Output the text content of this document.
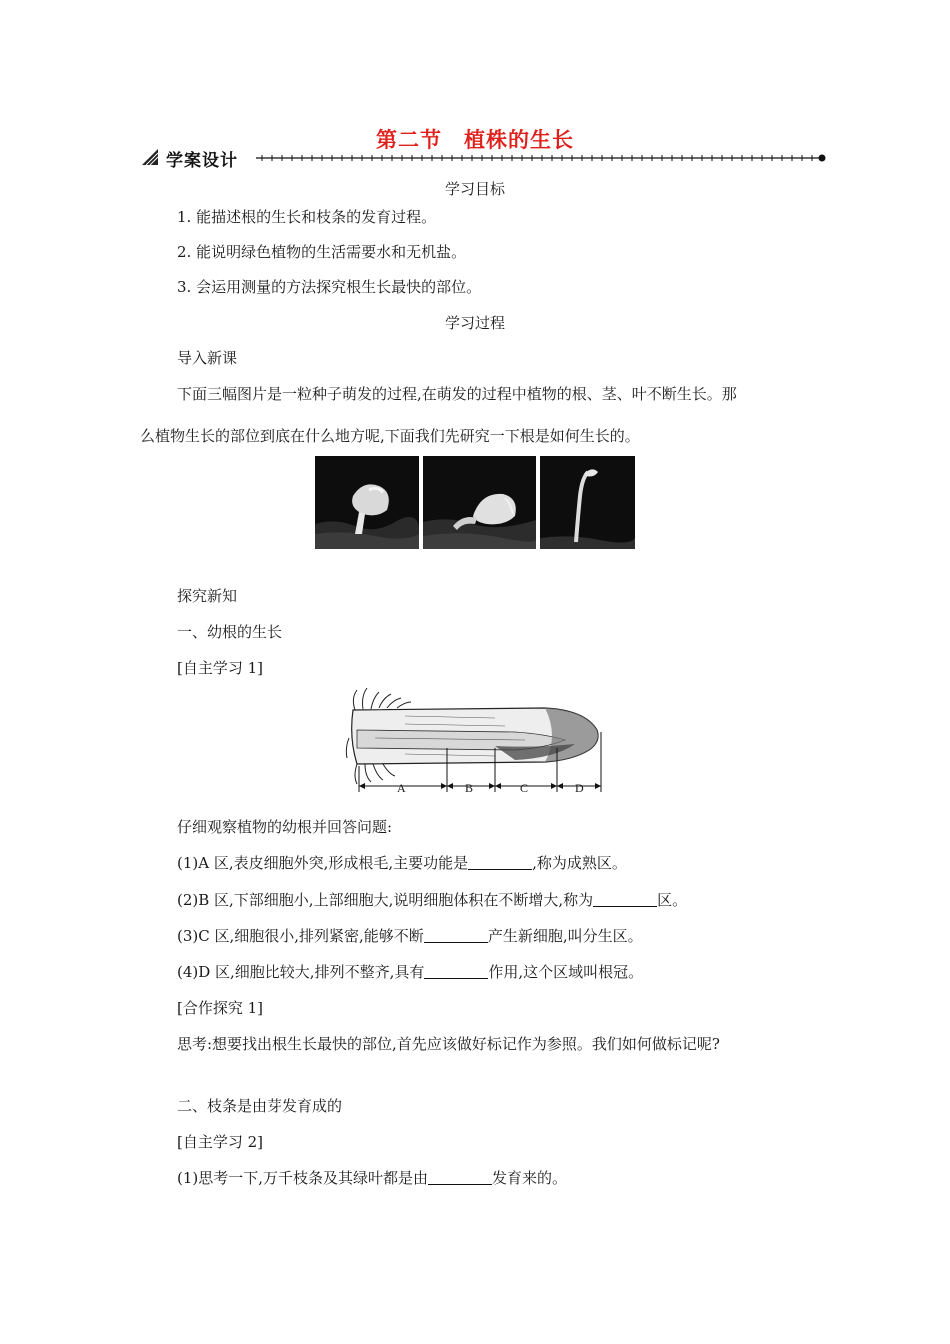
第二节　植株的生长
学案设计
学习目标
1. 能描述根的生长和枝条的发育过程。
2. 能说明绿色植物的生活需要水和无机盐。
3. 会运用测量的方法探究根生长最快的部位。
学习过程
导入新课
下面三幅图片是一粒种子萌发的过程,在萌发的过程中植物的根、茎、叶不断生长。那
么植物生长的部位到底在什么地方呢,下面我们先研究一下根是如何生长的。
探究新知
一、幼根的生长
[自主学习 1]
A	B	C	D
仔细观察植物的幼根并回答问题:
(1)A 区,表皮细胞外突,形成根毛,主要功能是	,称为成熟区。
(2)B 区,下部细胞小,上部细胞大,说明细胞体积在不断增大,称为	区。
(3)C 区,细胞很小,排列紧密,能够不断	产生新细胞,叫分生区。
(4)D 区,细胞比较大,排列不整齐,具有	作用,这个区域叫根冠。
[合作探究 1]
思考:想要找出根生长最快的部位,首先应该做好标记作为参照。我们如何做标记呢?
二、枝条是由芽发育成的
[自主学习 2]
(1)思考一下,万千枝条及其绿叶都是由	发育来的。
